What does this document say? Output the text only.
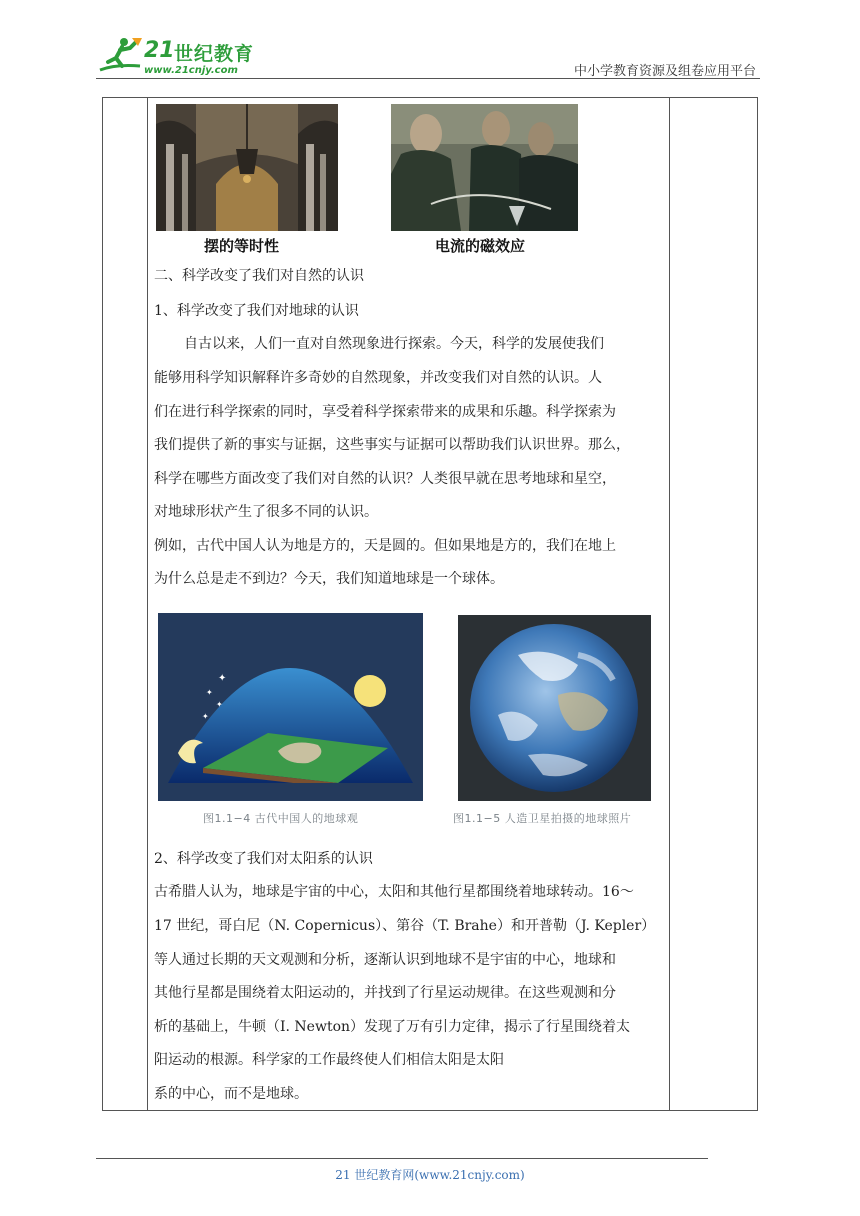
21 世纪教育
www.21cnjy.com	中小学教育资源及组卷应用平台
摆的等时性	电流的磁效应
二、科学改变了我们对自然的认识
1、科学改变了我们对地球的认识
自古以来，人们一直对自然现象进行探索。今天，科学的发展使我们
能够用科学知识解释许多奇妙的自然现象，并改变我们对自然的认识。人
们在进行科学探索的同时，享受着科学探索带来的成果和乐趣。科学探索为
我们提供了新的事实与证据，这些事实与证据可以帮助我们认识世界。那么，
科学在哪些方面改变了我们对自然的认识？人类很早就在思考地球和星空，
对地球形状产生了很多不同的认识。
例如，古代中国人认为地是方的，天是圆的。但如果地是方的，我们在地上
为什么总是走不到边？今天，我们知道地球是一个球体。
2、科学改变了我们对太阳系的认识
古希腊人认为，地球是宇宙的中心，太阳和其他行星都围绕着地球转动。16～
17 世纪，哥白尼（N. Copernicus）、第谷（T. Brahe）和开普勒（J. Kepler）
等人通过长期的天文观测和分析，逐渐认识到地球不是宇宙的中心，地球和
其他行星都是围绕着太阳运动的，并找到了行星运动规律。在这些观测和分
析的基础上，牛顿（I. Newton）发现了万有引力定律，揭示了行星围绕着太
阳运动的根源。科学家的工作最终使人们相信太阳是太阳
系的中心，而不是地球。
✦
✦
✦
✦
图1.1−4 古代中国人的地球观	图1.1−5 人造卫星拍摄的地球照片
21 世纪教育网(www.21cnjy.com)
